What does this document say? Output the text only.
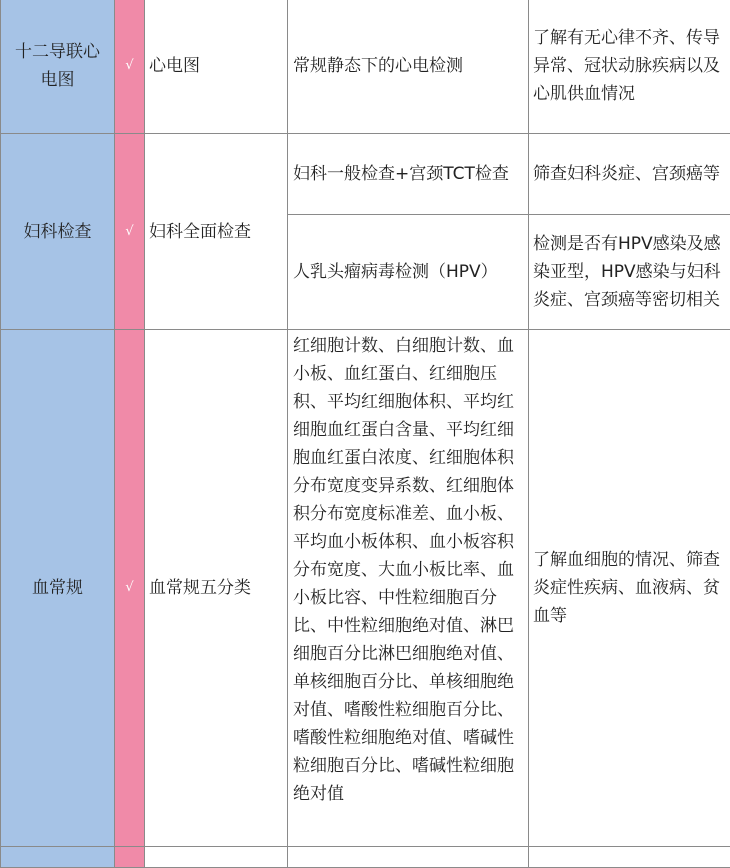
十二导联心电图	√	心电图	常规静态下的心电检测	了解有无心律不齐、传导异常、冠状动脉疾病以及心肌供血情况
妇科检查	√	妇科全面检查	妇科一般检查+宫颈TCT检查	筛查妇科炎症、宫颈癌等
			人乳头瘤病毒检测（HPV）	检测是否有HPV感染及感染亚型，HPV感染与妇科炎症、宫颈癌等密切相关
血常规	√	血常规五分类	红细胞计数、白细胞计数、血小板、血红蛋白、红细胞压积、平均红细胞体积、平均红细胞血红蛋白含量、平均红细胞血红蛋白浓度、红细胞体积分布宽度变异系数、红细胞体积分布宽度标准差、血小板、平均血小板体积、血小板容积分布宽度、大血小板比率、血小板比容、中性粒细胞百分比、中性粒细胞绝对值、淋巴细胞百分比淋巴细胞绝对值、单核细胞百分比、单核细胞绝对值、嗜酸性粒细胞百分比、嗜酸性粒细胞绝对值、嗜碱性粒细胞百分比、嗜碱性粒细胞绝对值	了解血细胞的情况、筛查炎症性疾病、血液病、贫血等
